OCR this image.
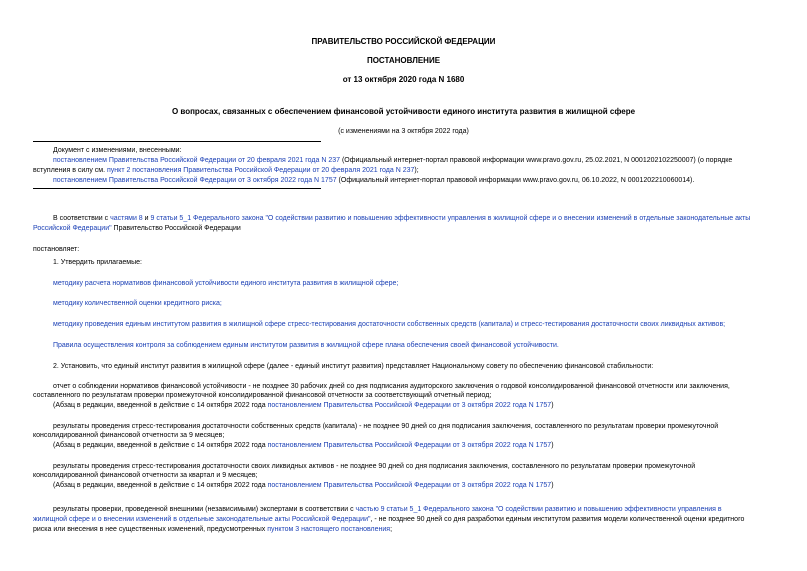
ПРАВИТЕЛЬСТВО РОССИЙСКОЙ ФЕДЕРАЦИИ
ПОСТАНОВЛЕНИЕ
от 13 октября 2020 года N 1680
О вопросах, связанных с обеспечением финансовой устойчивости единого института развития в жилищной сфере
(с изменениями на 3 октября 2022 года)
Документ с изменениями, внесенными:
постановлением Правительства Российской Федерации от 20 февраля 2021 года N 237 (Официальный интернет-портал правовой информации www.pravo.gov.ru, 25.02.2021, N 0001202102250007) (о порядке
вступления в силу см. пункт 2 постановления Правительства Российской Федерации от 20 февраля 2021 года N 237);
постановлением Правительства Российской Федерации от 3 октября 2022 года N 1757 (Официальный интернет-портал правовой информации www.pravo.gov.ru, 06.10.2022, N 0001202210060014).
В соответствии с частями 8 и 9 статьи 5_1 Федерального закона "О содействии развитию и повышению эффективности управления в жилищной сфере и о внесении изменений в отдельные законодательные акты
Российской Федерации" Правительство Российской Федерации
постановляет:
1. Утвердить прилагаемые:
методику расчета нормативов финансовой устойчивости единого института развития в жилищной сфере;
методику количественной оценки кредитного риска;
методику проведения единым институтом развития в жилищной сфере стресс-тестирования достаточности собственных средств (капитала) и стресс-тестирования достаточности своих ликвидных активов;
Правила осуществления контроля за соблюдением единым институтом развития в жилищной сфере плана обеспечения своей финансовой устойчивости.
2. Установить, что единый институт развития в жилищной сфере (далее - единый институт развития) представляет Национальному совету по обеспечению финансовой стабильности:
отчет о соблюдении нормативов финансовой устойчивости - не позднее 30 рабочих дней со дня подписания аудиторского заключения о годовой консолидированной финансовой отчетности или заключения,
составленного по результатам проверки промежуточной консолидированной финансовой отчетности за соответствующий отчетный период;
(Абзац в редакции, введенной в действие с 14 октября 2022 года постановлением Правительства Российской Федерации от 3 октября 2022 года N 1757)
результаты проведения стресс-тестирования достаточности собственных средств (капитала) - не позднее 90 дней со дня подписания заключения, составленного по результатам проверки промежуточной
консолидированной финансовой отчетности за 9 месяцев;
(Абзац в редакции, введенной в действие с 14 октября 2022 года постановлением Правительства Российской Федерации от 3 октября 2022 года N 1757)
результаты проведения стресс-тестирования достаточности своих ликвидных активов - не позднее 90 дней со дня подписания заключения, составленного по результатам проверки промежуточной
консолидированной финансовой отчетности за квартал и 9 месяцев;
(Абзац в редакции, введенной в действие с 14 октября 2022 года постановлением Правительства Российской Федерации от 3 октября 2022 года N 1757)
результаты проверки, проведенной внешними (независимыми) экспертами в соответствии с частью 9 статьи 5_1 Федерального закона "О содействии развитию и повышению эффективности управления в
жилищной сфере и о внесении изменений в отдельные законодательные акты Российской Федерации", - не позднее 90 дней со дня разработки единым институтом развития модели количественной оценки кредитного
риска или внесения в нее существенных изменений, предусмотренных пунктом 3 настоящего постановления;
